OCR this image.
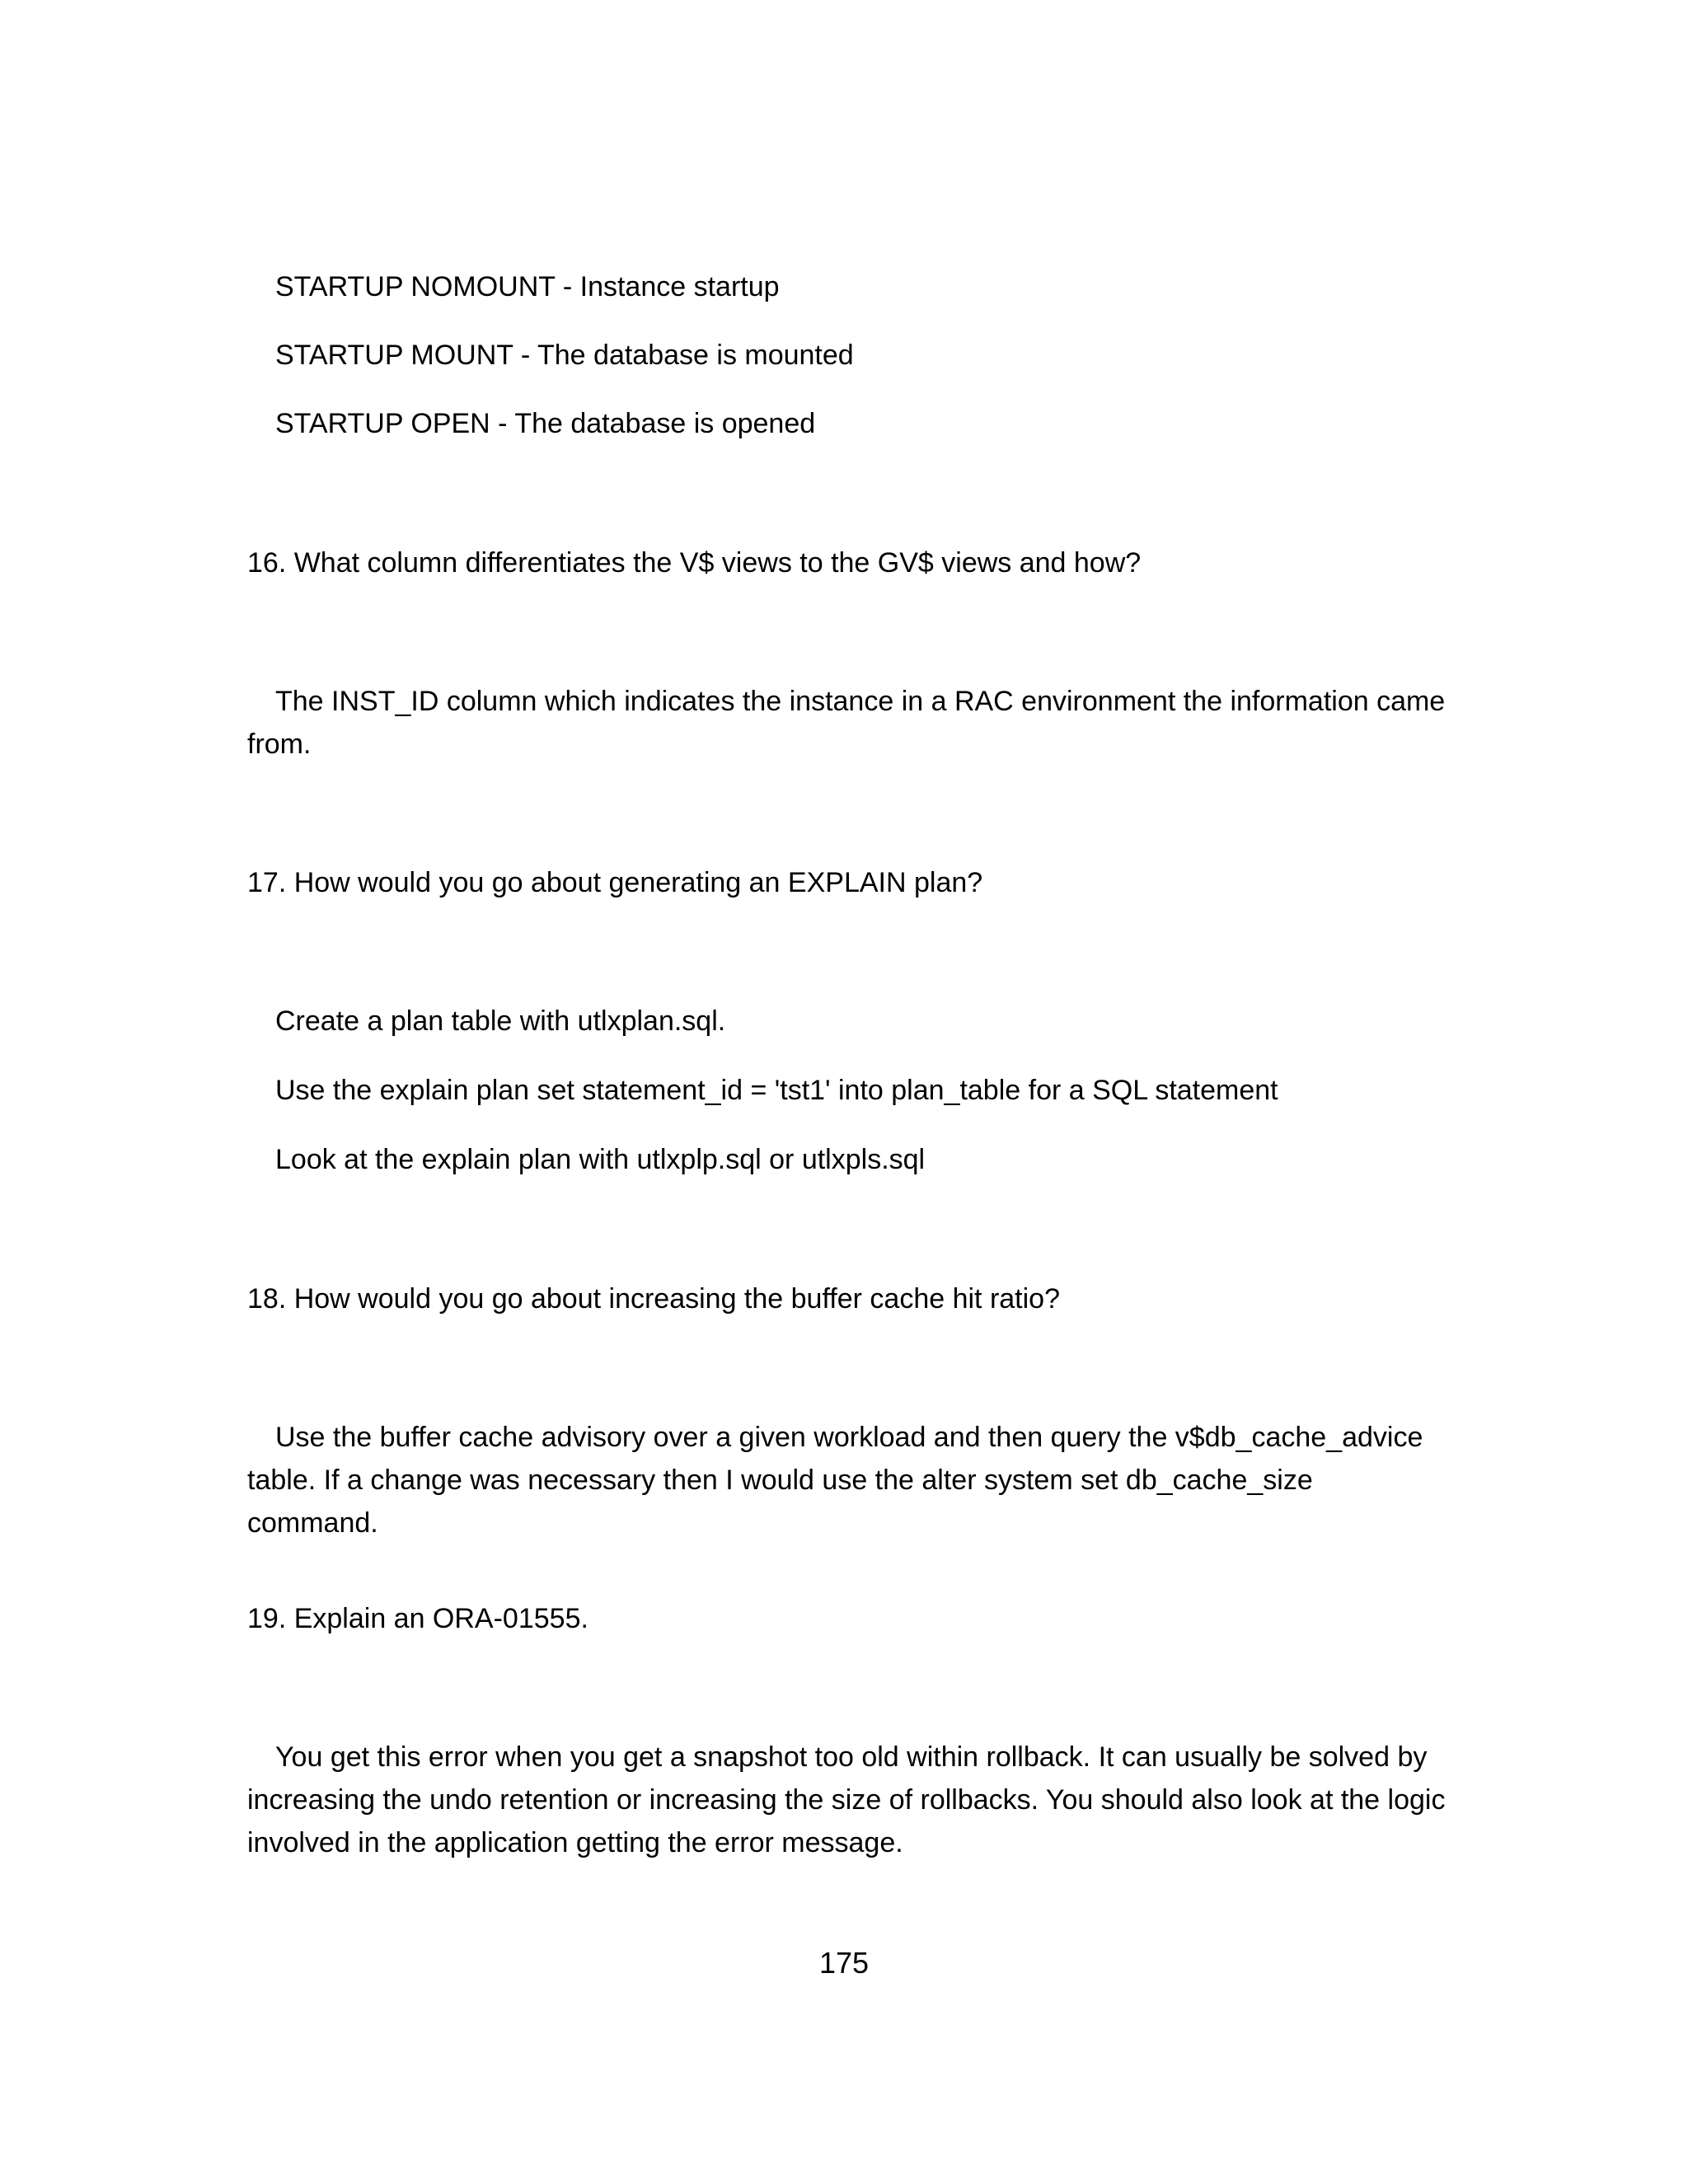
STARTUP NOMOUNT - Instance startup
STARTUP MOUNT - The database is mounted
STARTUP OPEN - The database is opened
16. What column differentiates the V$ views to the GV$ views and how?
The INST_ID column which indicates the instance in a RAC environment the information came from.
17. How would you go about generating an EXPLAIN plan?
Create a plan table with utlxplan.sql.
Use the explain plan set statement_id = 'tst1' into plan_table for a SQL statement
Look at the explain plan with utlxplp.sql or utlxpls.sql
18. How would you go about increasing the buffer cache hit ratio?
Use the buffer cache advisory over a given workload and then query the v$db_cache_advice table. If a change was necessary then I would use the alter system set db_cache_size command.
19. Explain an ORA-01555.
You get this error when you get a snapshot too old within rollback. It can usually be solved by increasing the undo retention or increasing the size of rollbacks. You should also look at the logic involved in the application getting the error message.
175
